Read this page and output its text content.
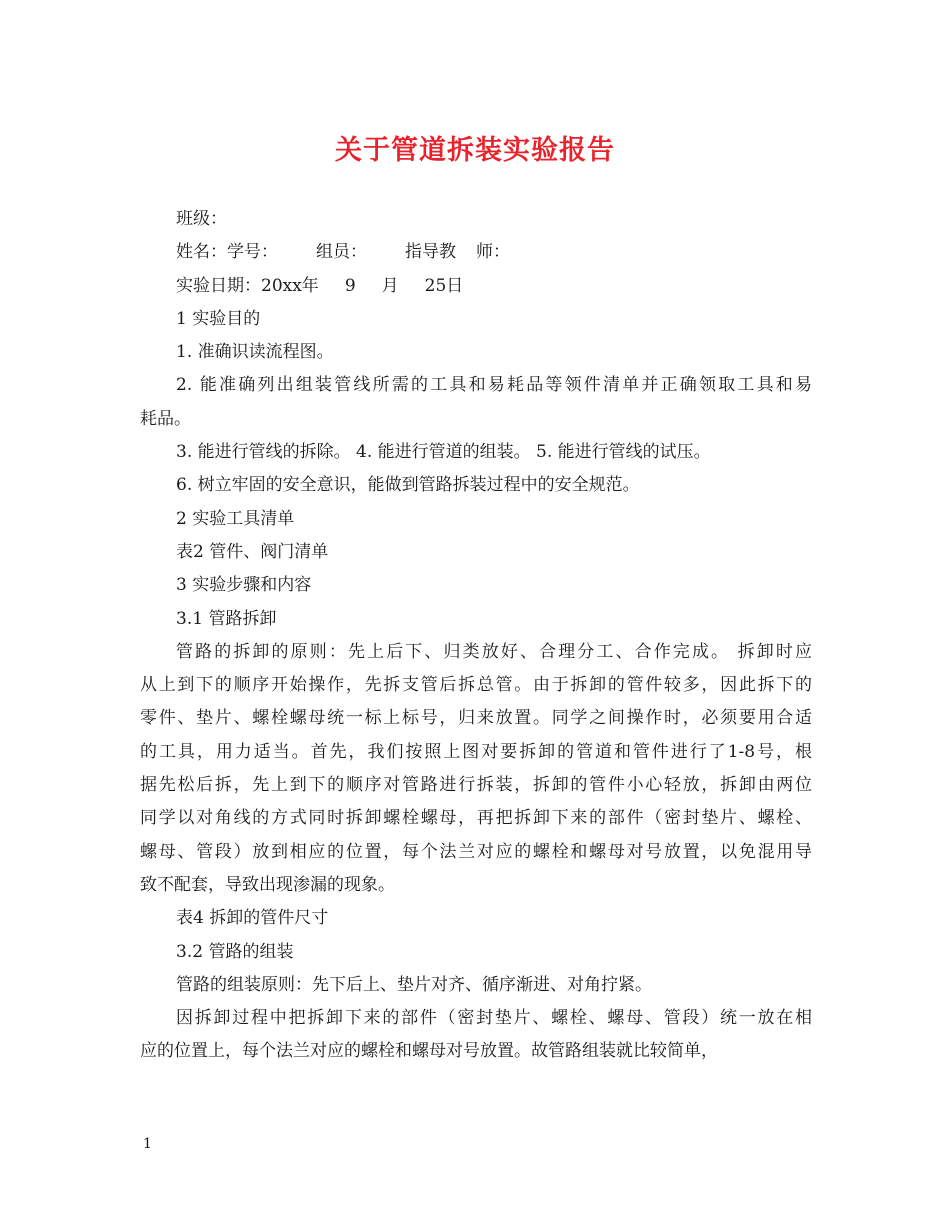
关于管道拆装实验报告
班级：
姓名：学号： 组员： 指导教 师：
实验日期：20xx年 9 月 25日
1 实验目的
1. 准确识读流程图。
2. 能准确列出组装管线所需的工具和易耗品等领件清单并正确领取工具和易
耗品。
3. 能进行管线的拆除。 4. 能进行管道的组装。 5. 能进行管线的试压。
6. 树立牢固的安全意识，能做到管路拆装过程中的安全规范。
2 实验工具清单
表2 管件、阀门清单
3 实验步骤和内容
3.1 管路拆卸
管路的拆卸的原则：先上后下、归类放好、合理分工、合作完成。 拆卸时应
从上到下的顺序开始操作，先拆支管后拆总管。由于拆卸的管件较多，因此拆下的
零件、垫片、螺栓螺母统一标上标号，归来放置。同学之间操作时，必须要用合适
的工具，用力适当。首先，我们按照上图对要拆卸的管道和管件进行了1-8号，根
据先松后拆，先上到下的顺序对管路进行拆装，拆卸的管件小心轻放，拆卸由两位
同学以对角线的方式同时拆卸螺栓螺母，再把拆卸下来的部件（密封垫片、螺栓、
螺母、管段）放到相应的位置，每个法兰对应的螺栓和螺母对号放置，以免混用导
致不配套，导致出现渗漏的现象。
表4 拆卸的管件尺寸
3.2 管路的组装
管路的组装原则：先下后上、垫片对齐、循序渐进、对角拧紧。
因拆卸过程中把拆卸下来的部件（密封垫片、螺栓、螺母、管段）统一放在相
应的位置上，每个法兰对应的螺栓和螺母对号放置。故管路组装就比较简单，
1
